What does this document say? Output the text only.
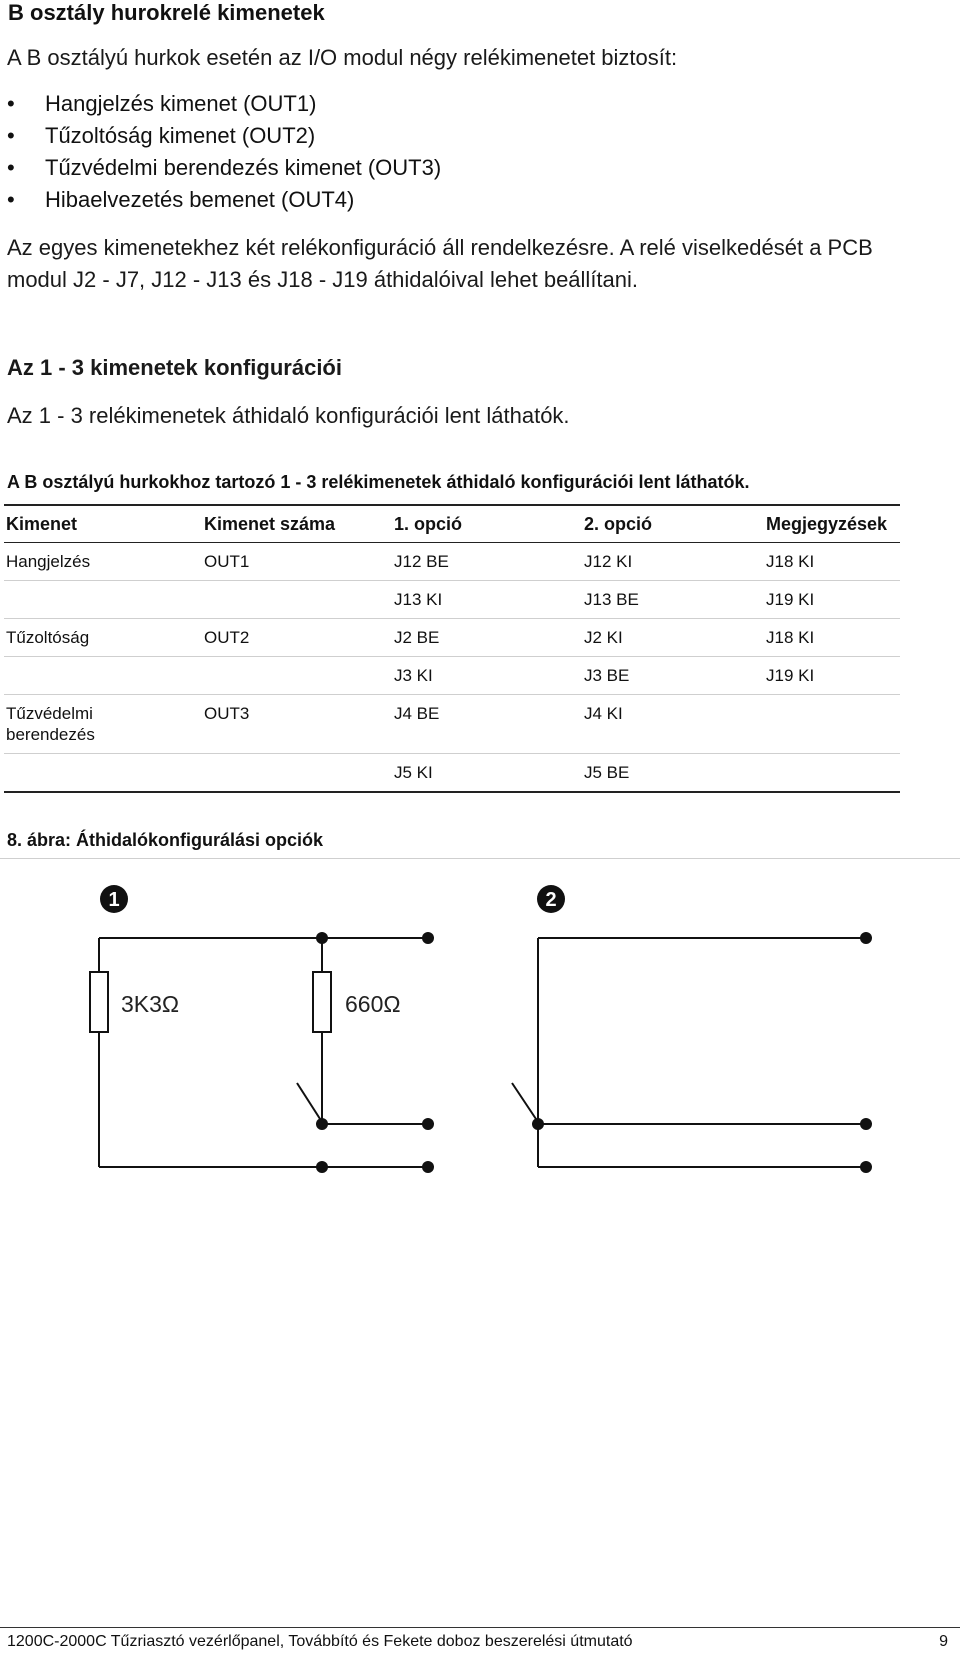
B osztály hurokrelé kimenetek
A B osztályú hurkok esetén az I/O modul négy relékimenetet biztosít:
• Hangjelzés kimenet (OUT1)
• Tűzoltóság kimenet (OUT2)
• Tűzvédelmi berendezés kimenet (OUT3)
• Hibaelvezetés bemenet (OUT4)
Az egyes kimenetekhez két relékonfiguráció áll rendelkezésre. A relé viselkedését a PCB modul J2 - J7, J12 - J13 és J18 - J19 áthidalóival lehet beállítani.
Az 1 - 3 kimenetek konfigurációi
Az 1 - 3 relékimenetek áthidaló konfigurációi lent láthatók.
A B osztályú hurkokhoz tartozó 1 - 3 relékimenetek áthidaló konfigurációi lent láthatók.
Kimenet	Kimenet száma	1. opció	2. opció	Megjegyzések
Hangjelzés	OUT1	J12 BE	J12 KI	J18 KI
		J13 KI	J13 BE	J19 KI
Tűzoltóság	OUT2	J2 BE	J2 KI	J18 KI
		J3 KI	J3 BE	J19 KI
Tűzvédelmi berendezés	OUT3	J4 BE	J4 KI	
		J5 KI	J5 BE	
8. ábra: Áthidalókonfigurálási opciók
1	2
3K3Ω	660Ω
1200C-2000C Tűzriasztó vezérlőpanel, Továbbító és Fekete doboz beszerelési útmutató	9
